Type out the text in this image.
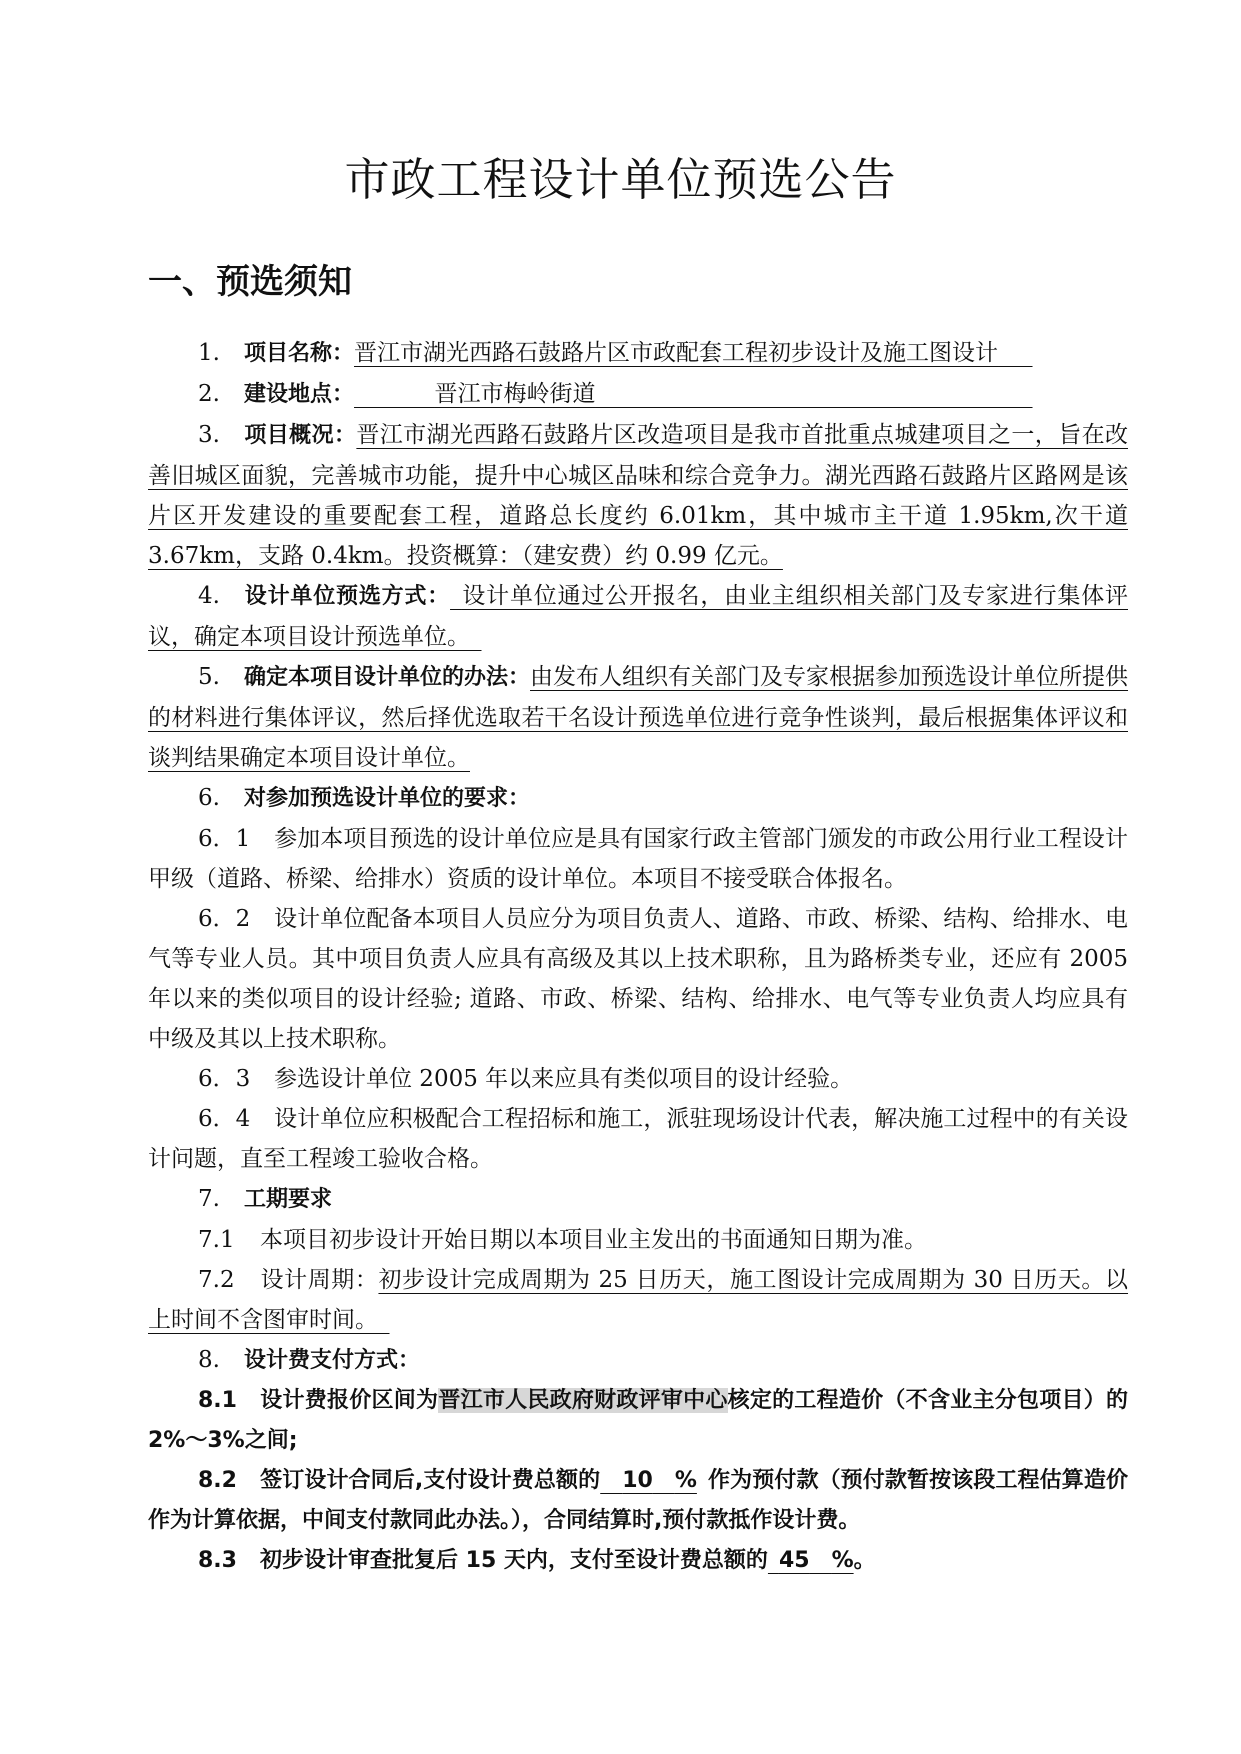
市政工程设计单位预选公告
一、预选须知

1. 项目名称：晋江市湖光西路石鼓路片区市政配套工程初步设计及施工图设计  

2. 建设地点：    	晋江市梅岭街道                   

3. 项目概况：晋江市湖光西路石鼓路片区改造项目是我市首批重点城建项目之一，旨在改善旧城区面貌，完善城市功能，提升中心城区品味和综合竞争力。湖光西路石鼓路片区路网是该片区开发建设的重要配套工程，道路总长度约 6.01km，其中城市主干道 1.95km,次干道 3.67km，支路 0.4km。投资概算：（建安费）约 0.99 亿元。

4. 设计单位预选方式：  设计单位通过公开报名，由业主组织相关部门及专家进行集体评议，确定本项目设计预选单位。 

5. 确定本项目设计单位的办法：由发布人组织有关部门及专家根据参加预选设计单位所提供的材料进行集体评议，然后择优选取若干名设计预选单位进行竞争性谈判，最后根据集体评议和谈判结果确定本项目设计单位。

6. 对参加预选设计单位的要求：

6．1 参加本项目预选的设计单位应是具有国家行政主管部门颁发的市政公用行业工程设计甲级（道路、桥梁、给排水）资质的设计单位。本项目不接受联合体报名。

6．2 设计单位配备本项目人员应分为项目负责人、道路、市政、桥梁、结构、给排水、电气等专业人员。其中项目负责人应具有高级及其以上技术职称，且为路桥类专业，还应有 2005 年以来的类似项目的设计经验; 道路、市政、桥梁、结构、给排水、电气等专业负责人均应具有中级及其以上技术职称。

6．3 参选设计单位 2005 年以来应具有类似项目的设计经验。

6．4 设计单位应积极配合工程招标和施工，派驻现场设计代表，解决施工过程中的有关设计问题，直至工程竣工验收合格。

7. 工期要求

7.1 本项目初步设计开始日期以本项目业主发出的书面通知日期为准。

7.2 设计周期：初步设计完成周期为 25 日历天，施工图设计完成周期为 30 日历天。以上时间不含图审时间。 

8. 设计费支付方式：

8.1 设计费报价区间为晋江市人民政府财政评审中心核定的工程造价（不含业主分包项目）的 2%～3%之间;

8.2 签订设计合同后,支付设计费总额的  10  %  作为预付款（预付款暂按该段工程估算造价作为计算依据，中间支付款同此办法。），合同结算时,预付款抵作设计费。

8.3 初步设计审查批复后 15 天内，支付至设计费总额的  45  %。
